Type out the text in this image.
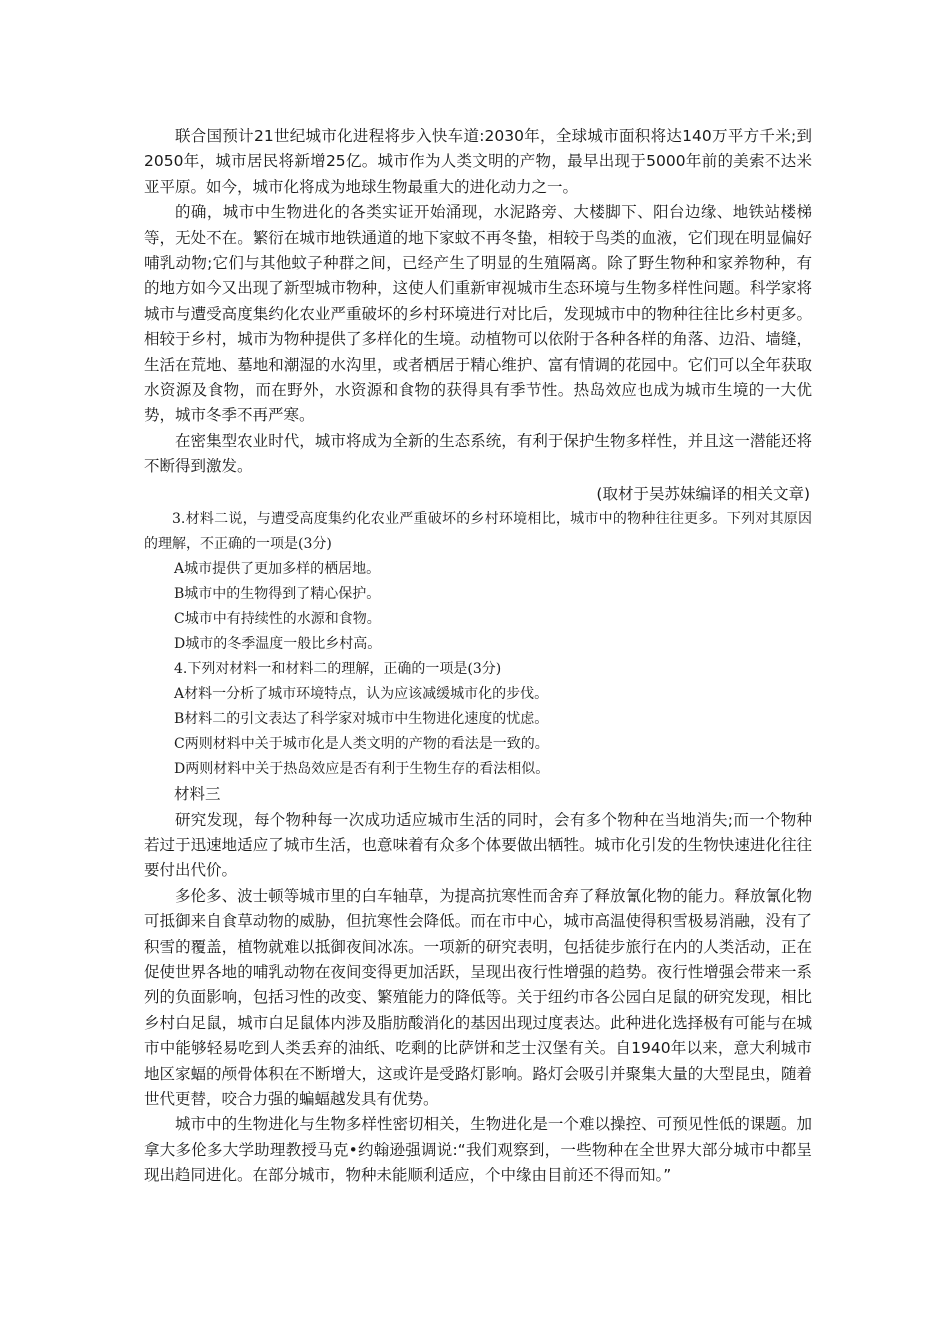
联合国预计21世纪城市化进程将步入快车道:2030年，全球城市面积将达140万平方千米;到2050年，城市居民将新增25亿。城市作为人类文明的产物，最早出现于5000年前的美索不达米亚平原。如今，城市化将成为地球生物最重大的进化动力之一。

的确，城市中生物进化的各类实证开始涌现，水泥路旁、大楼脚下、阳台边缘、地铁站楼梯等，无处不在。繁衍在城市地铁通道的地下家蚊不再冬蛰，相较于鸟类的血液，它们现在明显偏好哺乳动物;它们与其他蚊子种群之间，已经产生了明显的生殖隔离。除了野生物种和家养物种，有的地方如今又出现了新型城市物种，这使人们重新审视城市生态环境与生物多样性问题。科学家将城市与遭受高度集约化农业严重破坏的乡村环境进行对比后，发现城市中的物种往往比乡村更多。相较于乡村，城市为物种提供了多样化的生境。动植物可以依附于各种各样的角落、边沿、墙缝，生活在荒地、墓地和潮湿的水沟里，或者栖居于精心维护、富有情调的花园中。它们可以全年获取水资源及食物，而在野外，水资源和食物的获得具有季节性。热岛效应也成为城市生境的一大优势，城市冬季不再严寒。

在密集型农业时代，城市将成为全新的生态系统，有利于保护生物多样性，并且这一潜能还将不断得到激发。

(取材于吴苏妹编译的相关文章)

3.材料二说，与遭受高度集约化农业严重破坏的乡村环境相比，城市中的物种往往更多。下列对其原因的理解，不正确的一项是(3分)

A城市提供了更加多样的栖居地。

B城市中的生物得到了精心保护。

C城市中有持续性的水源和食物。

D城市的冬季温度一般比乡村高。

4.下列对材料一和材料二的理解，正确的一项是(3分)

A材料一分析了城市环境特点，认为应该减缓城市化的步伐。

B材料二的引文表达了科学家对城市中生物进化速度的忧虑。

C两则材料中关于城市化是人类文明的产物的看法是一致的。

D两则材料中关于热岛效应是否有利于生物生存的看法相似。

材料三

研究发现，每个物种每一次成功适应城市生活的同时，会有多个物种在当地消失;而一个物种若过于迅速地适应了城市生活，也意味着有众多个体要做出牺牲。城市化引发的生物快速进化往往要付出代价。

多伦多、波士顿等城市里的白车轴草，为提高抗寒性而舍弃了释放氰化物的能力。释放氰化物可抵御来自食草动物的威胁，但抗寒性会降低。而在市中心，城市高温使得积雪极易消融，没有了积雪的覆盖，植物就难以抵御夜间冰冻。一项新的研究表明，包括徒步旅行在内的人类活动，正在促使世界各地的哺乳动物在夜间变得更加活跃，呈现出夜行性增强的趋势。夜行性增强会带来一系列的负面影响，包括习性的改变、繁殖能力的降低等。关于纽约市各公园白足鼠的研究发现，相比乡村白足鼠，城市白足鼠体内涉及脂肪酸消化的基因出现过度表达。此种进化选择极有可能与在城市中能够轻易吃到人类丢弃的油纸、吃剩的比萨饼和芝士汉堡有关。自1940年以来，意大利城市地区家蝠的颅骨体积在不断增大，这或许是受路灯影响。路灯会吸引并聚集大量的大型昆虫，随着世代更替，咬合力强的蝙蝠越发具有优势。

城市中的生物进化与生物多样性密切相关，生物进化是一个难以操控、可预见性低的课题。加拿大多伦多大学助理教授马克•约翰逊强调说:“我们观察到，一些物种在全世界大部分城市中都呈现出趋同进化。在部分城市，物种未能顺利适应，个中缘由目前还不得而知。”
